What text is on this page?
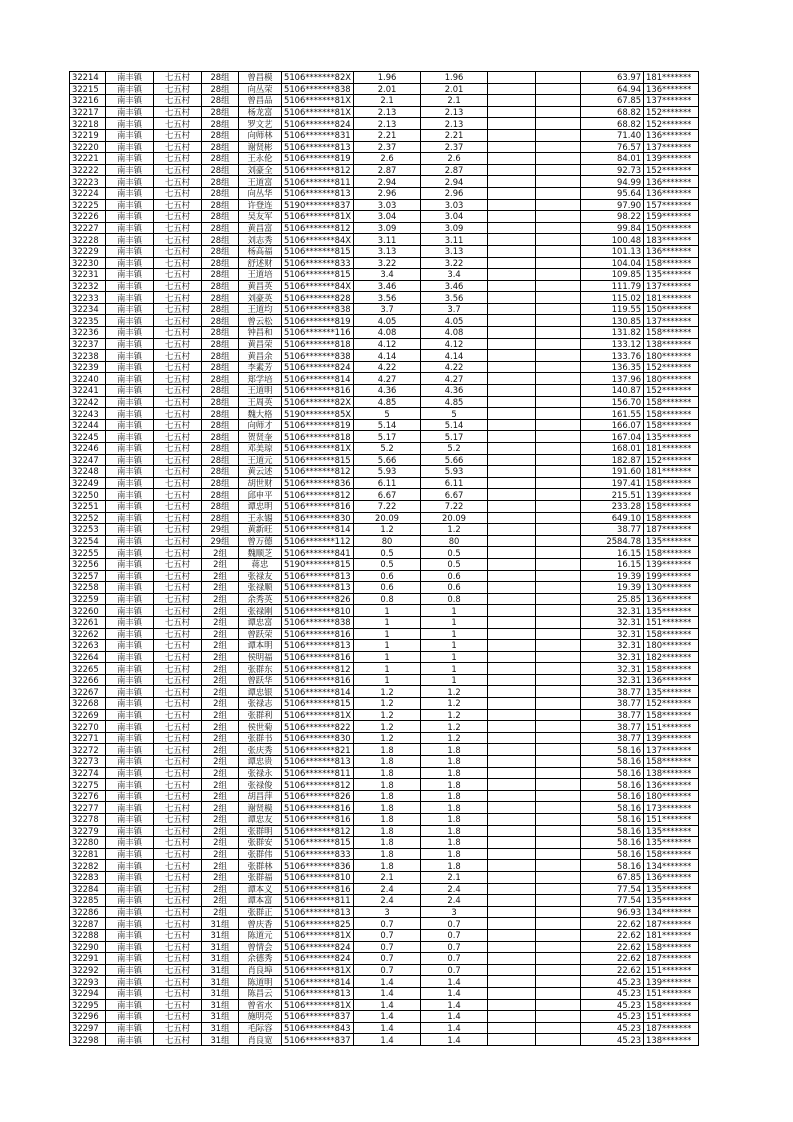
32214	南丰镇	七五村	28组	曾昌模	5106*******82X	1.96	1.96			63.97	181*******
32215	南丰镇	七五村	28组	向丛荣	5106*******838	2.01	2.01			64.94	136*******
32216	南丰镇	七五村	28组	曾昌品	5106*******81X	2.1	2.1			67.85	137*******
32217	南丰镇	七五村	28组	杨龙富	5106*******81X	2.13	2.13			68.82	152*******
32218	南丰镇	七五村	28组	罗文艺	5106*******824	2.13	2.13			68.82	152*******
32219	南丰镇	七五村	28组	向师林	5106*******831	2.21	2.21			71.40	136*******
32220	南丰镇	七五村	28组	谢贤彬	5106*******813	2.37	2.37			76.57	137*******
32221	南丰镇	七五村	28组	王永伦	5106*******819	2.6	2.6			84.01	139*******
32222	南丰镇	七五村	28组	刘豪全	5106*******812	2.87	2.87			92.73	152*******
32223	南丰镇	七五村	28组	王道富	5106*******811	2.94	2.94			94.99	136*******
32224	南丰镇	七五村	28组	向丛华	5106*******813	2.96	2.96			95.64	136*******
32225	南丰镇	七五村	28组	许登连	5190*******837	3.03	3.03			97.90	157*******
32226	南丰镇	七五村	28组	吴友军	5106*******81X	3.04	3.04			98.22	159*******
32227	南丰镇	七五村	28组	黄昌富	5106*******812	3.09	3.09			99.84	150*******
32228	南丰镇	七五村	28组	刘志秀	5106*******84X	3.11	3.11			100.48	183*******
32229	南丰镇	七五村	28组	杨高福	5106*******815	3.13	3.13			101.13	136*******
32230	南丰镇	七五村	28组	舒述财	5106*******833	3.22	3.22			104.04	158*******
32231	南丰镇	七五村	28组	王道培	5106*******815	3.4	3.4			109.85	135*******
32232	南丰镇	七五村	28组	黄昌英	5106*******84X	3.46	3.46			111.79	137*******
32233	南丰镇	七五村	28组	刘豪英	5106*******828	3.56	3.56			115.02	181*******
32234	南丰镇	七五村	28组	王道均	5106*******838	3.7	3.7			119.55	150*******
32235	南丰镇	七五村	28组	曾云松	5106*******819	4.05	4.05			130.85	137*******
32236	南丰镇	七五村	28组	钟昌和	5106*******116	4.08	4.08			131.82	158*******
32237	南丰镇	七五村	28组	黄昌荣	5106*******818	4.12	4.12			133.12	138*******
32238	南丰镇	七五村	28组	黄昌余	5106*******838	4.14	4.14			133.76	180*******
32239	南丰镇	七五村	28组	李素芳	5106*******824	4.22	4.22			136.35	152*******
32240	南丰镇	七五村	28组	郑学培	5106*******814	4.27	4.27			137.96	180*******
32241	南丰镇	七五村	28组	王道明	5106*******816	4.36	4.36			140.87	152*******
32242	南丰镇	七五村	28组	王周英	5106*******82X	4.85	4.85			156.70	158*******
32243	南丰镇	七五村	28组	魏大格	5190*******85X	5	5			161.55	158*******
32244	南丰镇	七五村	28组	向师才	5106*******819	5.14	5.14			166.07	158*******
32245	南丰镇	七五村	28组	贺贤奎	5106*******818	5.17	5.17			167.04	135*******
32246	南丰镇	七五村	28组	邓美琼	5106*******81X	5.2	5.2			168.01	181*******
32247	南丰镇	七五村	28组	王道元	5106*******815	5.66	5.66			182.87	152*******
32248	南丰镇	七五村	28组	黄云述	5106*******812	5.93	5.93			191.60	181*******
32249	南丰镇	七五村	28组	胡世财	5106*******836	6.11	6.11			197.41	158*******
32250	南丰镇	七五村	28组	邱申平	5106*******812	6.67	6.67			215.51	139*******
32251	南丰镇	七五村	28组	谭忠明	5106*******816	7.22	7.22			233.28	158*******
32252	南丰镇	七五村	28组	王永锡	5106*******830	20.09	20.09			649.10	158*******
32253	南丰镇	七五村	29组	黄新旺	5106*******814	1.2	1.2			38.77	187*******
32254	南丰镇	七五村	29组	曾万德	5106*******112	80	80			2584.78	135*******
32255	南丰镇	七五村	2组	魏顺芝	5106*******841	0.5	0.5			16.15	158*******
32256	南丰镇	七五村	2组	蒋忠	5190*******815	0.5	0.5			16.15	139*******
32257	南丰镇	七五村	2组	张禄友	5106*******813	0.6	0.6			19.39	199*******
32258	南丰镇	七五村	2组	张禄顺	5106*******813	0.6	0.6			19.39	130*******
32259	南丰镇	七五村	2组	余秀英	5106*******826	0.8	0.8			25.85	136*******
32260	南丰镇	七五村	2组	张禄刚	5106*******810	1	1			32.31	135*******
32261	南丰镇	七五村	2组	谭忠富	5106*******838	1	1			32.31	151*******
32262	南丰镇	七五村	2组	曾跃荣	5106*******816	1	1			32.31	158*******
32263	南丰镇	七五村	2组	谭本明	5106*******813	1	1			32.31	180*******
32264	南丰镇	七五村	2组	侯明福	5106*******816	1	1			32.31	182*******
32265	南丰镇	七五村	2组	张群东	5106*******812	1	1			32.31	158*******
32266	南丰镇	七五村	2组	曾跃华	5106*******816	1	1			32.31	136*******
32267	南丰镇	七五村	2组	谭忠银	5106*******814	1.2	1.2			38.77	135*******
32268	南丰镇	七五村	2组	张禄志	5106*******815	1.2	1.2			38.77	152*******
32269	南丰镇	七五村	2组	张群利	5106*******81X	1.2	1.2			38.77	158*******
32270	南丰镇	七五村	2组	侯世菊	5106*******822	1.2	1.2			38.77	151*******
32271	南丰镇	七五村	2组	张群书	5106*******830	1.2	1.2			38.77	139*******
32272	南丰镇	七五村	2组	张庆秀	5106*******821	1.8	1.8			58.16	137*******
32273	南丰镇	七五村	2组	谭忠贵	5106*******813	1.8	1.8			58.16	158*******
32274	南丰镇	七五村	2组	张禄永	5106*******811	1.8	1.8			58.16	138*******
32275	南丰镇	七五村	2组	张禄俊	5106*******812	1.8	1.8			58.16	136*******
32276	南丰镇	七五村	2组	胡昌萍	5106*******826	1.8	1.8			58.16	180*******
32277	南丰镇	七五村	2组	谢贤模	5106*******816	1.8	1.8			58.16	173*******
32278	南丰镇	七五村	2组	谭忠友	5106*******816	1.8	1.8			58.16	151*******
32279	南丰镇	七五村	2组	张群明	5106*******812	1.8	1.8			58.16	135*******
32280	南丰镇	七五村	2组	张群安	5106*******815	1.8	1.8			58.16	135*******
32281	南丰镇	七五村	2组	张群伟	5106*******833	1.8	1.8			58.16	158*******
32282	南丰镇	七五村	2组	张群林	5106*******836	1.8	1.8			58.16	134*******
32283	南丰镇	七五村	2组	张群福	5106*******810	2.1	2.1			67.85	136*******
32284	南丰镇	七五村	2组	谭本义	5106*******816	2.4	2.4			77.54	135*******
32285	南丰镇	七五村	2组	谭本富	5106*******811	2.4	2.4			77.54	135*******
32286	南丰镇	七五村	2组	张群正	5106*******813	3	3			96.93	134*******
32287	南丰镇	七五村	31组	曾庆香	5106*******825	0.7	0.7			22.62	187*******
32288	南丰镇	七五村	31组	陈道元	5106*******81X	0.7	0.7			22.62	181*******
32290	南丰镇	七五村	31组	曾情会	5106*******824	0.7	0.7			22.62	158*******
32291	南丰镇	七五村	31组	余德秀	5106*******824	0.7	0.7			22.62	187*******
32292	南丰镇	七五村	31组	肖良埠	5106*******81X	0.7	0.7			22.62	151*******
32293	南丰镇	七五村	31组	陈道明	5106*******814	1.4	1.4			45.23	139*******
32294	南丰镇	七五村	31组	陈昌云	5106*******813	1.4	1.4			45.23	151*******
32295	南丰镇	七五村	31组	曾省水	5106*******81X	1.4	1.4			45.23	158*******
32296	南丰镇	七五村	31组	施明亮	5106*******837	1.4	1.4			45.23	151*******
32297	南丰镇	七五村	31组	毛际容	5106*******843	1.4	1.4			45.23	187*******
32298	南丰镇	七五村	31组	肖良宽	5106*******837	1.4	1.4			45.23	138*******
